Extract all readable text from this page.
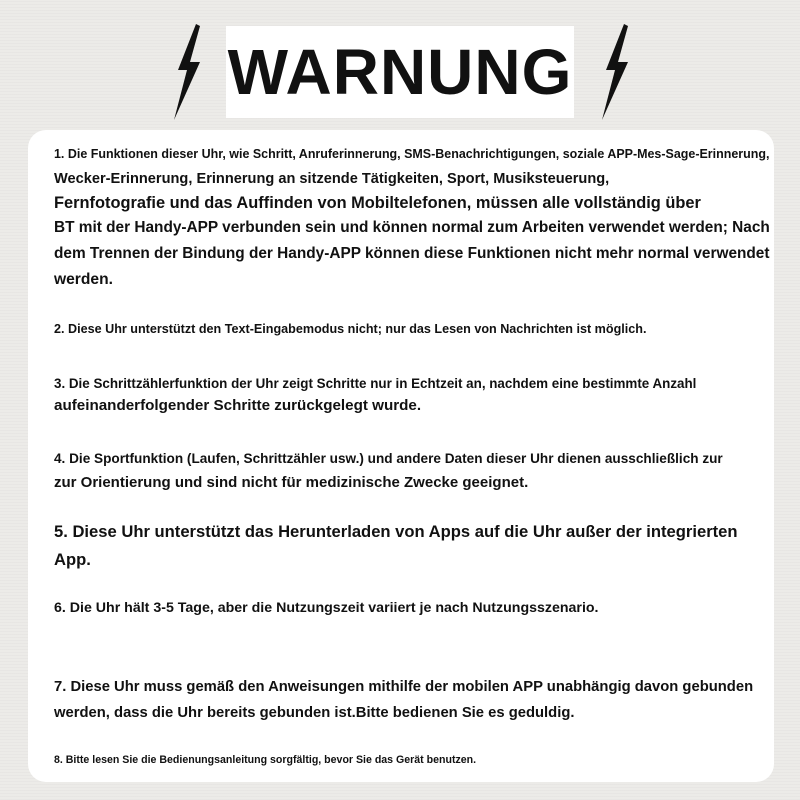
WARNUNG
1. Die Funktionen dieser Uhr, wie Schritt, Anruferinnerung, SMS-Benachrichtigungen, soziale APP-Mes-Sage-Erinnerung,
Wecker-Erinnerung, Erinnerung an sitzende Tätigkeiten, Sport, Musiksteuerung,
Fernfotografie und das Auffinden von Mobiltelefonen, müssen alle vollständig über
BT mit der Handy-APP verbunden sein und können normal zum Arbeiten verwendet werden; Nach
dem Trennen der Bindung der Handy-APP können diese Funktionen nicht mehr normal verwendet
werden.
2. Diese Uhr unterstützt den Text-Eingabemodus nicht; nur das Lesen von Nachrichten ist möglich.
3. Die Schrittzählerfunktion der Uhr zeigt Schritte nur in Echtzeit an, nachdem eine bestimmte Anzahl
aufeinanderfolgender Schritte zurückgelegt wurde.
4. Die Sportfunktion (Laufen, Schrittzähler usw.) und andere Daten dieser Uhr dienen ausschließlich zur
zur Orientierung und sind nicht für medizinische Zwecke geeignet.
5. Diese Uhr unterstützt das Herunterladen von Apps auf die Uhr außer der integrierten
App.
6. Die Uhr hält 3-5 Tage, aber die Nutzungszeit variiert je nach Nutzungsszenario.
7. Diese Uhr muss gemäß den Anweisungen mithilfe der mobilen APP unabhängig davon gebunden
werden, dass die Uhr bereits gebunden ist.Bitte bedienen Sie es geduldig.
8. Bitte lesen Sie die Bedienungsanleitung sorgfältig, bevor Sie das Gerät benutzen.
